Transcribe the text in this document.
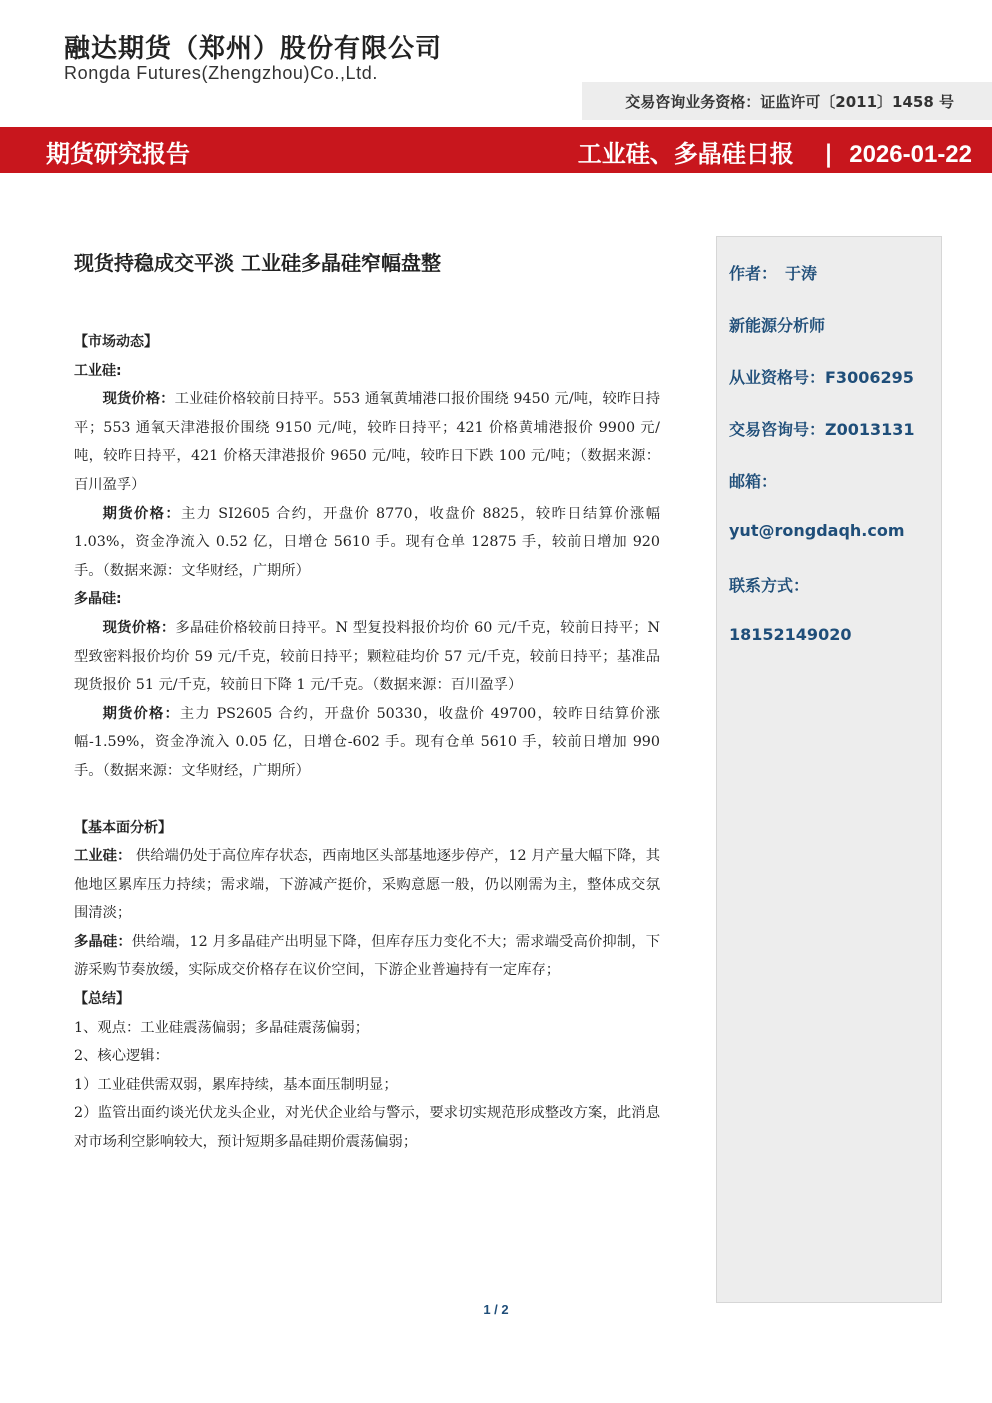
融达期货（郑州）股份有限公司
Rongda Futures(Zhengzhou)Co.,Ltd.
交易咨询业务资格：证监许可〔2011〕1458 号
期货研究报告	工业硅、多晶硅日报 | 2026-01-22
现货持稳成交平淡 工业硅多晶硅窄幅盘整
【市场动态】
工业硅:

现货价格：工业硅价格较前日持平。553 通氧黄埔港口报价围绕 9450 元/吨，较昨日持平；553 通氧天津港报价围绕 9150 元/吨，较昨日持平；421 价格黄埔港报价 9900 元/吨，较昨日持平，421 价格天津港报价 9650 元/吨，较昨日下跌 100 元/吨；（数据来源：百川盈孚）

期货价格：主力 SI2605 合约，开盘价 8770，收盘价 8825，较昨日结算价涨幅 1.03%，资金净流入 0.52 亿，日增仓 5610 手。现有仓单 12875 手，较前日增加 920 手。（数据来源：文华财经，广期所）

多晶硅:

现货价格：多晶硅价格较前日持平。N 型复投料报价均价 60 元/千克，较前日持平；N 型致密料报价均价 59 元/千克，较前日持平；颗粒硅均价 57 元/千克，较前日持平；基准品现货报价 51 元/千克，较前日下降 1 元/千克。（数据来源：百川盈孚）

期货价格：主力 PS2605 合约，开盘价 50330，收盘价 49700，较昨日结算价涨幅-1.59%，资金净流入 0.05 亿，日增仓-602 手。现有仓单 5610 手，较前日增加 990 手。（数据来源：文华财经，广期所）

【基本面分析】

工业硅： 供给端仍处于高位库存状态，西南地区头部基地逐步停产，12 月产量大幅下降，其他地区累库压力持续；需求端，下游减产挺价，采购意愿一般，仍以刚需为主，整体成交氛围清淡；

多晶硅：供给端，12 月多晶硅产出明显下降，但库存压力变化不大；需求端受高价抑制，下游采购节奏放缓，实际成交价格存在议价空间，下游企业普遍持有一定库存；

【总结】

1、观点：工业硅震荡偏弱；多晶硅震荡偏弱；

2、核心逻辑：

1）工业硅供需双弱，累库持续，基本面压制明显；

2）监管出面约谈光伏龙头企业，对光伏企业给与警示，要求切实规范形成整改方案，此消息对市场利空影响较大，预计短期多晶硅期价震荡偏弱；

作者：　于涛
新能源分析师
从业资格号：F3006295
交易咨询号：Z0013131
邮箱：
yut@rongdaqh.com
联系方式：
18152149020
1 / 2
